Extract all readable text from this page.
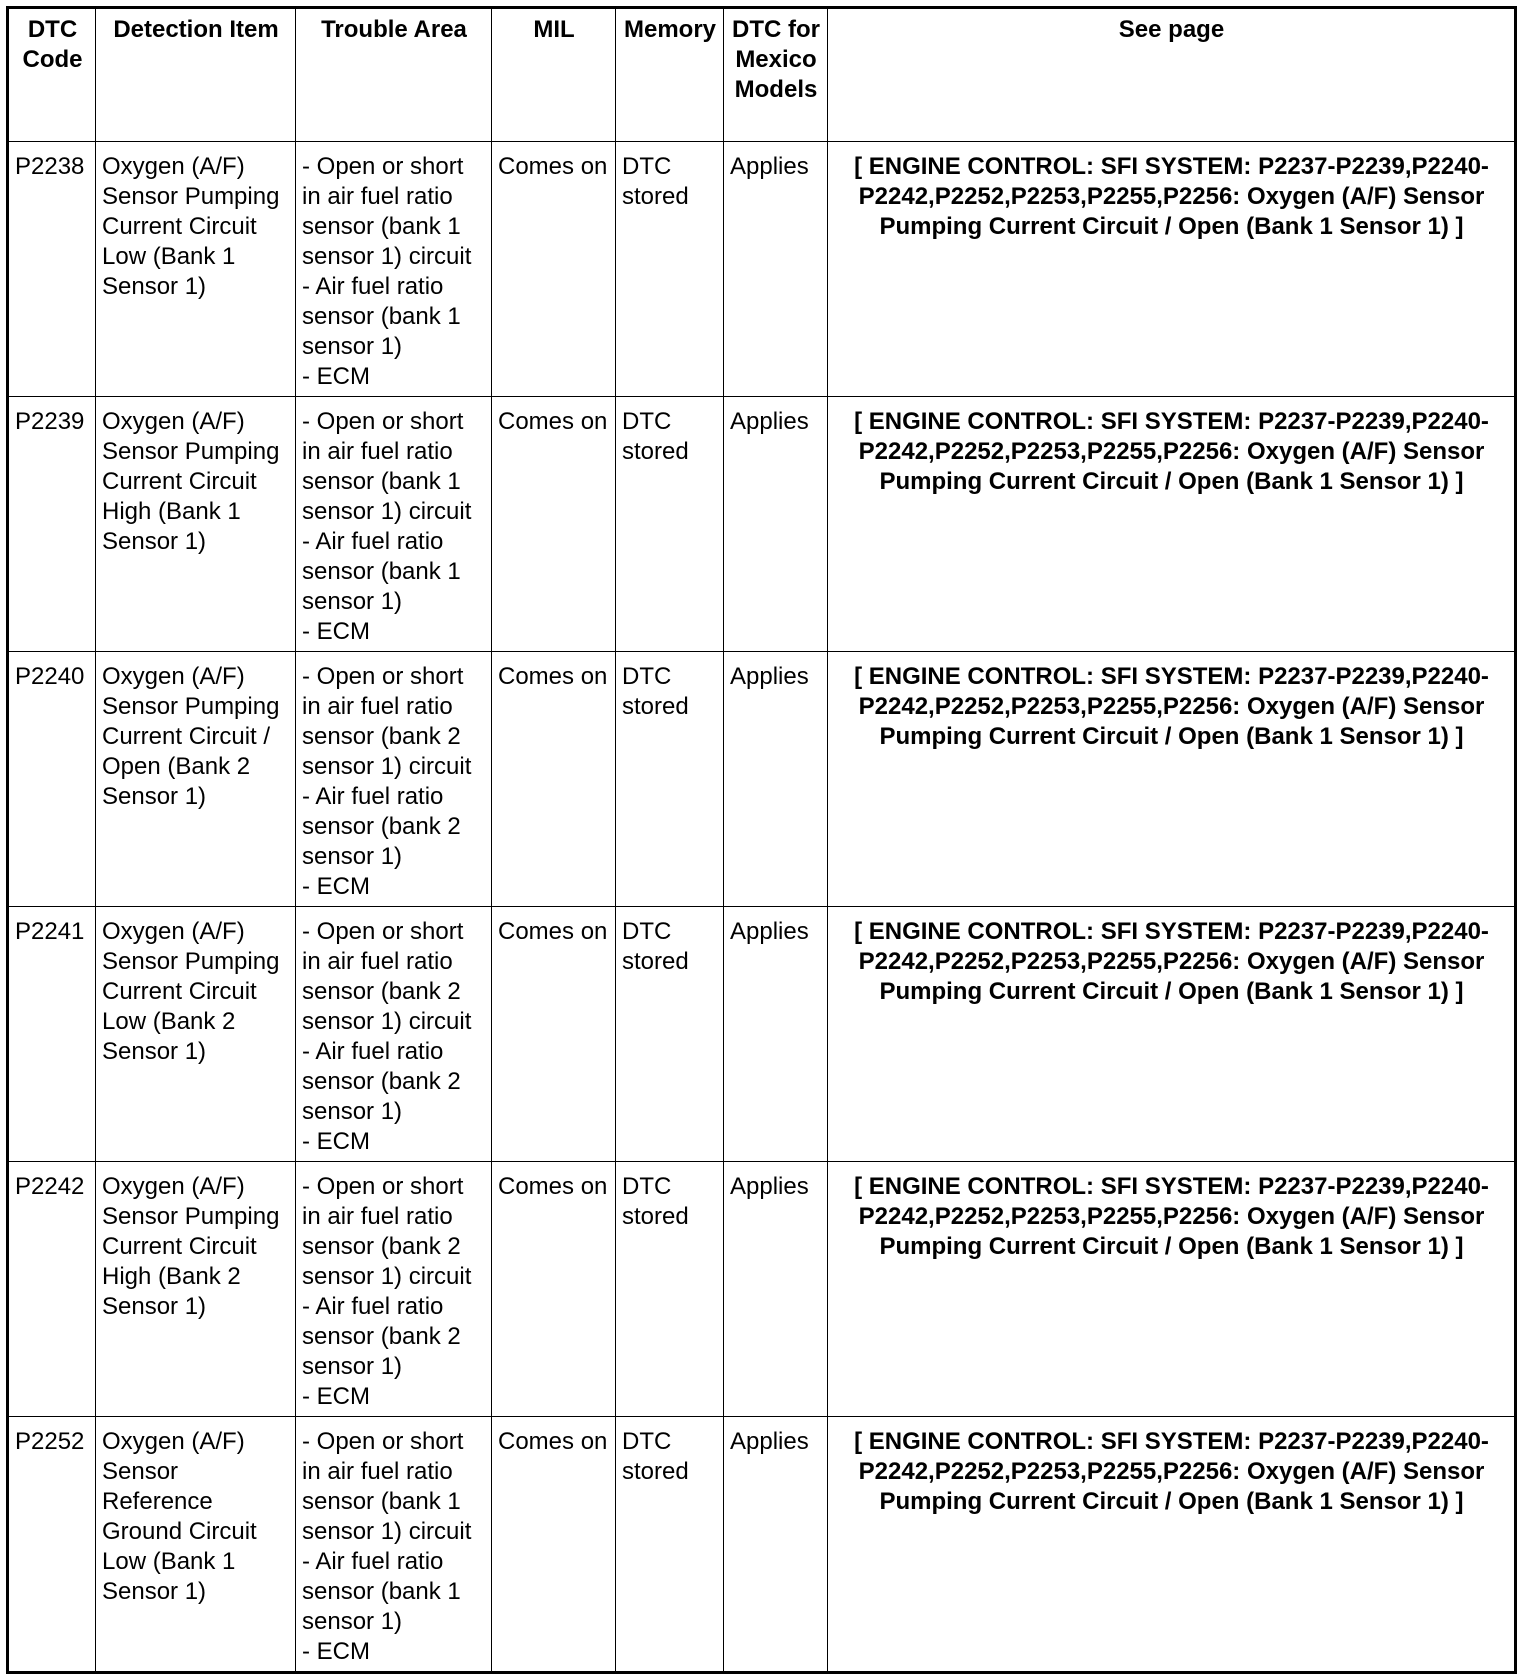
DTC Code	Detection Item	Trouble Area	MIL	Memory	DTC for Mexico Models	See page
P2238	Oxygen (A/F) Sensor Pumping Current Circuit Low (Bank 1 Sensor 1)	- Open or short in air fuel ratio sensor (bank 1 sensor 1) circuit
- Air fuel ratio sensor (bank 1 sensor 1)
- ECM	Comes on	DTC stored	Applies	[ ENGINE CONTROL: SFI SYSTEM: P2237-P2239,P2240-P2242,P2252,P2253,P2255,P2256: Oxygen (A/F) Sensor Pumping Current Circuit / Open (Bank 1 Sensor 1) ]
P2239	Oxygen (A/F) Sensor Pumping Current Circuit High (Bank 1 Sensor 1)	- Open or short in air fuel ratio sensor (bank 1 sensor 1) circuit
- Air fuel ratio sensor (bank 1 sensor 1)
- ECM	Comes on	DTC stored	Applies	[ ENGINE CONTROL: SFI SYSTEM: P2237-P2239,P2240-P2242,P2252,P2253,P2255,P2256: Oxygen (A/F) Sensor Pumping Current Circuit / Open (Bank 1 Sensor 1) ]
P2240	Oxygen (A/F) Sensor Pumping Current Circuit / Open (Bank 2 Sensor 1)	- Open or short in air fuel ratio sensor (bank 2 sensor 1) circuit
- Air fuel ratio sensor (bank 2 sensor 1)
- ECM	Comes on	DTC stored	Applies	[ ENGINE CONTROL: SFI SYSTEM: P2237-P2239,P2240-P2242,P2252,P2253,P2255,P2256: Oxygen (A/F) Sensor Pumping Current Circuit / Open (Bank 1 Sensor 1) ]
P2241	Oxygen (A/F) Sensor Pumping Current Circuit Low (Bank 2 Sensor 1)	- Open or short in air fuel ratio sensor (bank 2 sensor 1) circuit
- Air fuel ratio sensor (bank 2 sensor 1)
- ECM	Comes on	DTC stored	Applies	[ ENGINE CONTROL: SFI SYSTEM: P2237-P2239,P2240-P2242,P2252,P2253,P2255,P2256: Oxygen (A/F) Sensor Pumping Current Circuit / Open (Bank 1 Sensor 1) ]
P2242	Oxygen (A/F) Sensor Pumping Current Circuit High (Bank 2 Sensor 1)	- Open or short in air fuel ratio sensor (bank 2 sensor 1) circuit
- Air fuel ratio sensor (bank 2 sensor 1)
- ECM	Comes on	DTC stored	Applies	[ ENGINE CONTROL: SFI SYSTEM: P2237-P2239,P2240-P2242,P2252,P2253,P2255,P2256: Oxygen (A/F) Sensor Pumping Current Circuit / Open (Bank 1 Sensor 1) ]
P2252	Oxygen (A/F) Sensor Reference Ground Circuit Low (Bank 1 Sensor 1)	- Open or short in air fuel ratio sensor (bank 1 sensor 1) circuit
- Air fuel ratio sensor (bank 1 sensor 1)
- ECM	Comes on	DTC stored	Applies	[ ENGINE CONTROL: SFI SYSTEM: P2237-P2239,P2240-P2242,P2252,P2253,P2255,P2256: Oxygen (A/F) Sensor Pumping Current Circuit / Open (Bank 1 Sensor 1) ]
